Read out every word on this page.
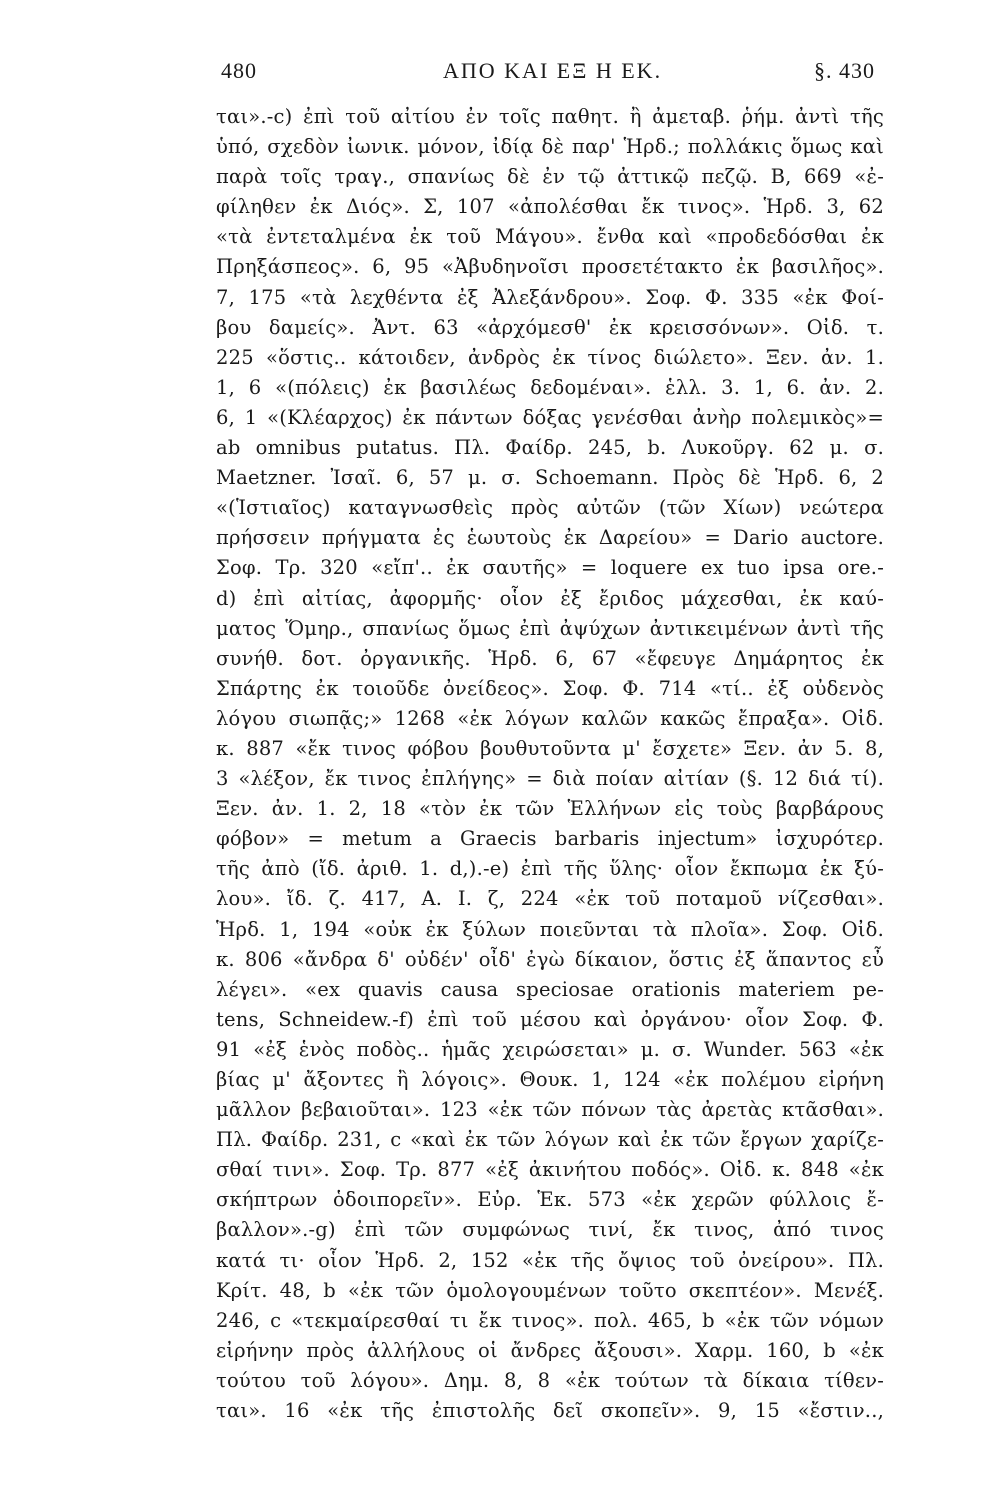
480	ΑΠΟ ΚΑΙ ΕΞ Η ΕΚ.	§. 430
ται».-c) ἐπὶ τοῦ αἰτίου ἐν τοῖς παθητ. ἢ ἀμεταβ. ῥήμ. ἀντὶ τῆς
ὑπό, σχεδὸν ἰωνικ. μόνον, ἰδίᾳ δὲ παρ' Ἡρδ.; πολλάκις ὅμως καὶ
παρὰ τοῖς τραγ., σπανίως δὲ ἐν τῷ ἀττικῷ πεζῷ. Β, 669 «ἐ-
φίληθεν ἐκ Διός». Σ, 107 «ἀπολέσθαι ἔκ τινος». Ἡρδ. 3, 62
«τὰ ἐντεταλμένα ἐκ τοῦ Μάγου». ἔνθα καὶ «προδεδόσθαι ἐκ
Πρηξάσπεος». 6, 95 «Ἀβυδηνοῖσι προσετέτακτο ἐκ βασιλῆος».
7, 175 «τὰ λεχθέντα ἐξ Ἀλεξάνδρου». Σοφ. Φ. 335 «ἐκ Φοί-
βου δαμείς». Ἀντ. 63 «ἀρχόμεσθ' ἐκ κρεισσόνων». Οἰδ. τ.
225 «ὅστις.. κάτοιδεν, ἀνδρὸς ἐκ τίνος διώλετο». Ξεν. ἀν. 1.
1, 6 «(πόλεις) ἐκ βασιλέως δεδομέναι». ἑλλ. 3. 1, 6. ἀν. 2.
6, 1 «(Κλέαρχος) ἐκ πάντων δόξας γενέσθαι ἀνὴρ πολεμικὸς»=
ab omnibus putatus. Πλ. Φαίδρ. 245, b. Λυκοῦργ. 62 μ. σ.
Maetzner. Ἰσαῖ. 6, 57 μ. σ. Schoemann. Πρὸς δὲ Ἡρδ. 6, 2
«(Ἱστιαῖος) καταγνωσθεὶς πρὸς αὐτῶν (τῶν Χίων) νεώτερα
πρήσσειν πρήγματα ἐς ἑωυτοὺς ἐκ Δαρείου» = Dario auctore.
Σοφ. Τρ. 320 «εἴπ'.. ἐκ σαυτῆς» = loquere ex tuo ipsa ore.-
d) ἐπὶ αἰτίας, ἀφορμῆς· οἷον ἐξ ἔριδος μάχεσθαι, ἐκ καύ-
ματος Ὅμηρ., σπανίως ὅμως ἐπὶ ἀψύχων ἀντικειμένων ἀντὶ τῆς
συνήθ. δοτ. ὀργανικῆς. Ἡρδ. 6, 67 «ἔφευγε Δημάρητος ἐκ
Σπάρτης ἐκ τοιοῦδε ὀνείδεος». Σοφ. Φ. 714 «τί.. ἐξ οὐδενὸς
λόγου σιωπᾷς;» 1268 «ἐκ λόγων καλῶν κακῶς ἔπραξα». Οἰδ.
κ. 887 «ἔκ τινος φόβου βουθυτοῦντα μ' ἔσχετε» Ξεν. ἀν 5. 8,
3 «λέξον, ἔκ τινος ἐπλήγης» = διὰ ποίαν αἰτίαν (§. 12 διά τί).
Ξεν. ἀν. 1. 2, 18 «τὸν ἐκ τῶν Ἑλλήνων εἰς τοὺς βαρβάρους
φόβον» = metum a Graecis barbaris injectum» ἰσχυρότερ.
τῆς ἀπὸ (ἴδ. ἀριθ. 1. d,).-e) ἐπὶ τῆς ὕλης· οἷον ἔκπωμα ἐκ ξύ-
λου». ἴδ. ζ. 417, Α. Ι. ζ, 224 «ἐκ τοῦ ποταμοῦ νίζεσθαι».
Ἡρδ. 1, 194 «οὐκ ἐκ ξύλων ποιεῦνται τὰ πλοῖα». Σοφ. Οἰδ.
κ. 806 «ἄνδρα δ' οὐδέν' οἶδ' ἐγὼ δίκαιον, ὅστις ἐξ ἅπαντος εὖ
λέγει». «ex quavis causa speciosae orationis materiem pe-
tens, Schneidew.-f) ἐπὶ τοῦ μέσου καὶ ὀργάνου· οἷον Σοφ. Φ.
91 «ἐξ ἑνὸς ποδὸς.. ἡμᾶς χειρώσεται» μ. σ. Wunder. 563 «ἐκ
βίας μ' ἄξοντες ἢ λόγοις». Θουκ. 1, 124 «ἐκ πολέμου εἰρήνη
μᾶλλον βεβαιοῦται». 123 «ἐκ τῶν πόνων τὰς ἀρετὰς κτᾶσθαι».
Πλ. Φαίδρ. 231, c «καὶ ἐκ τῶν λόγων καὶ ἐκ τῶν ἔργων χαρίζε-
σθαί τινι». Σοφ. Τρ. 877 «ἐξ ἀκινήτου ποδός». Οἰδ. κ. 848 «ἐκ
σκήπτρων ὁδοιπορεῖν». Εὐρ. Ἑκ. 573 «ἐκ χερῶν φύλλοις ἔ-
βαλλον».-g) ἐπὶ τῶν συμφώνως τινί, ἔκ τινος, ἀπό τινος
κατά τι· οἷον Ἡρδ. 2, 152 «ἐκ τῆς ὄψιος τοῦ ὀνείρου». Πλ.
Κρίτ. 48, b «ἐκ τῶν ὁμολογουμένων τοῦτο σκεπτέον». Μενέξ.
246, c «τεκμαίρεσθαί τι ἔκ τινος». πολ. 465, b «ἐκ τῶν νόμων
εἰρήνην πρὸς ἀλλήλους οἱ ἄνδρες ἄξουσι». Χαρμ. 160, b «ἐκ
τούτου τοῦ λόγου». Δημ. 8, 8 «ἐκ τούτων τὰ δίκαια τίθεν-
ται». 16 «ἐκ τῆς ἐπιστολῆς δεῖ σκοπεῖν». 9, 15 «ἔστιν..,
